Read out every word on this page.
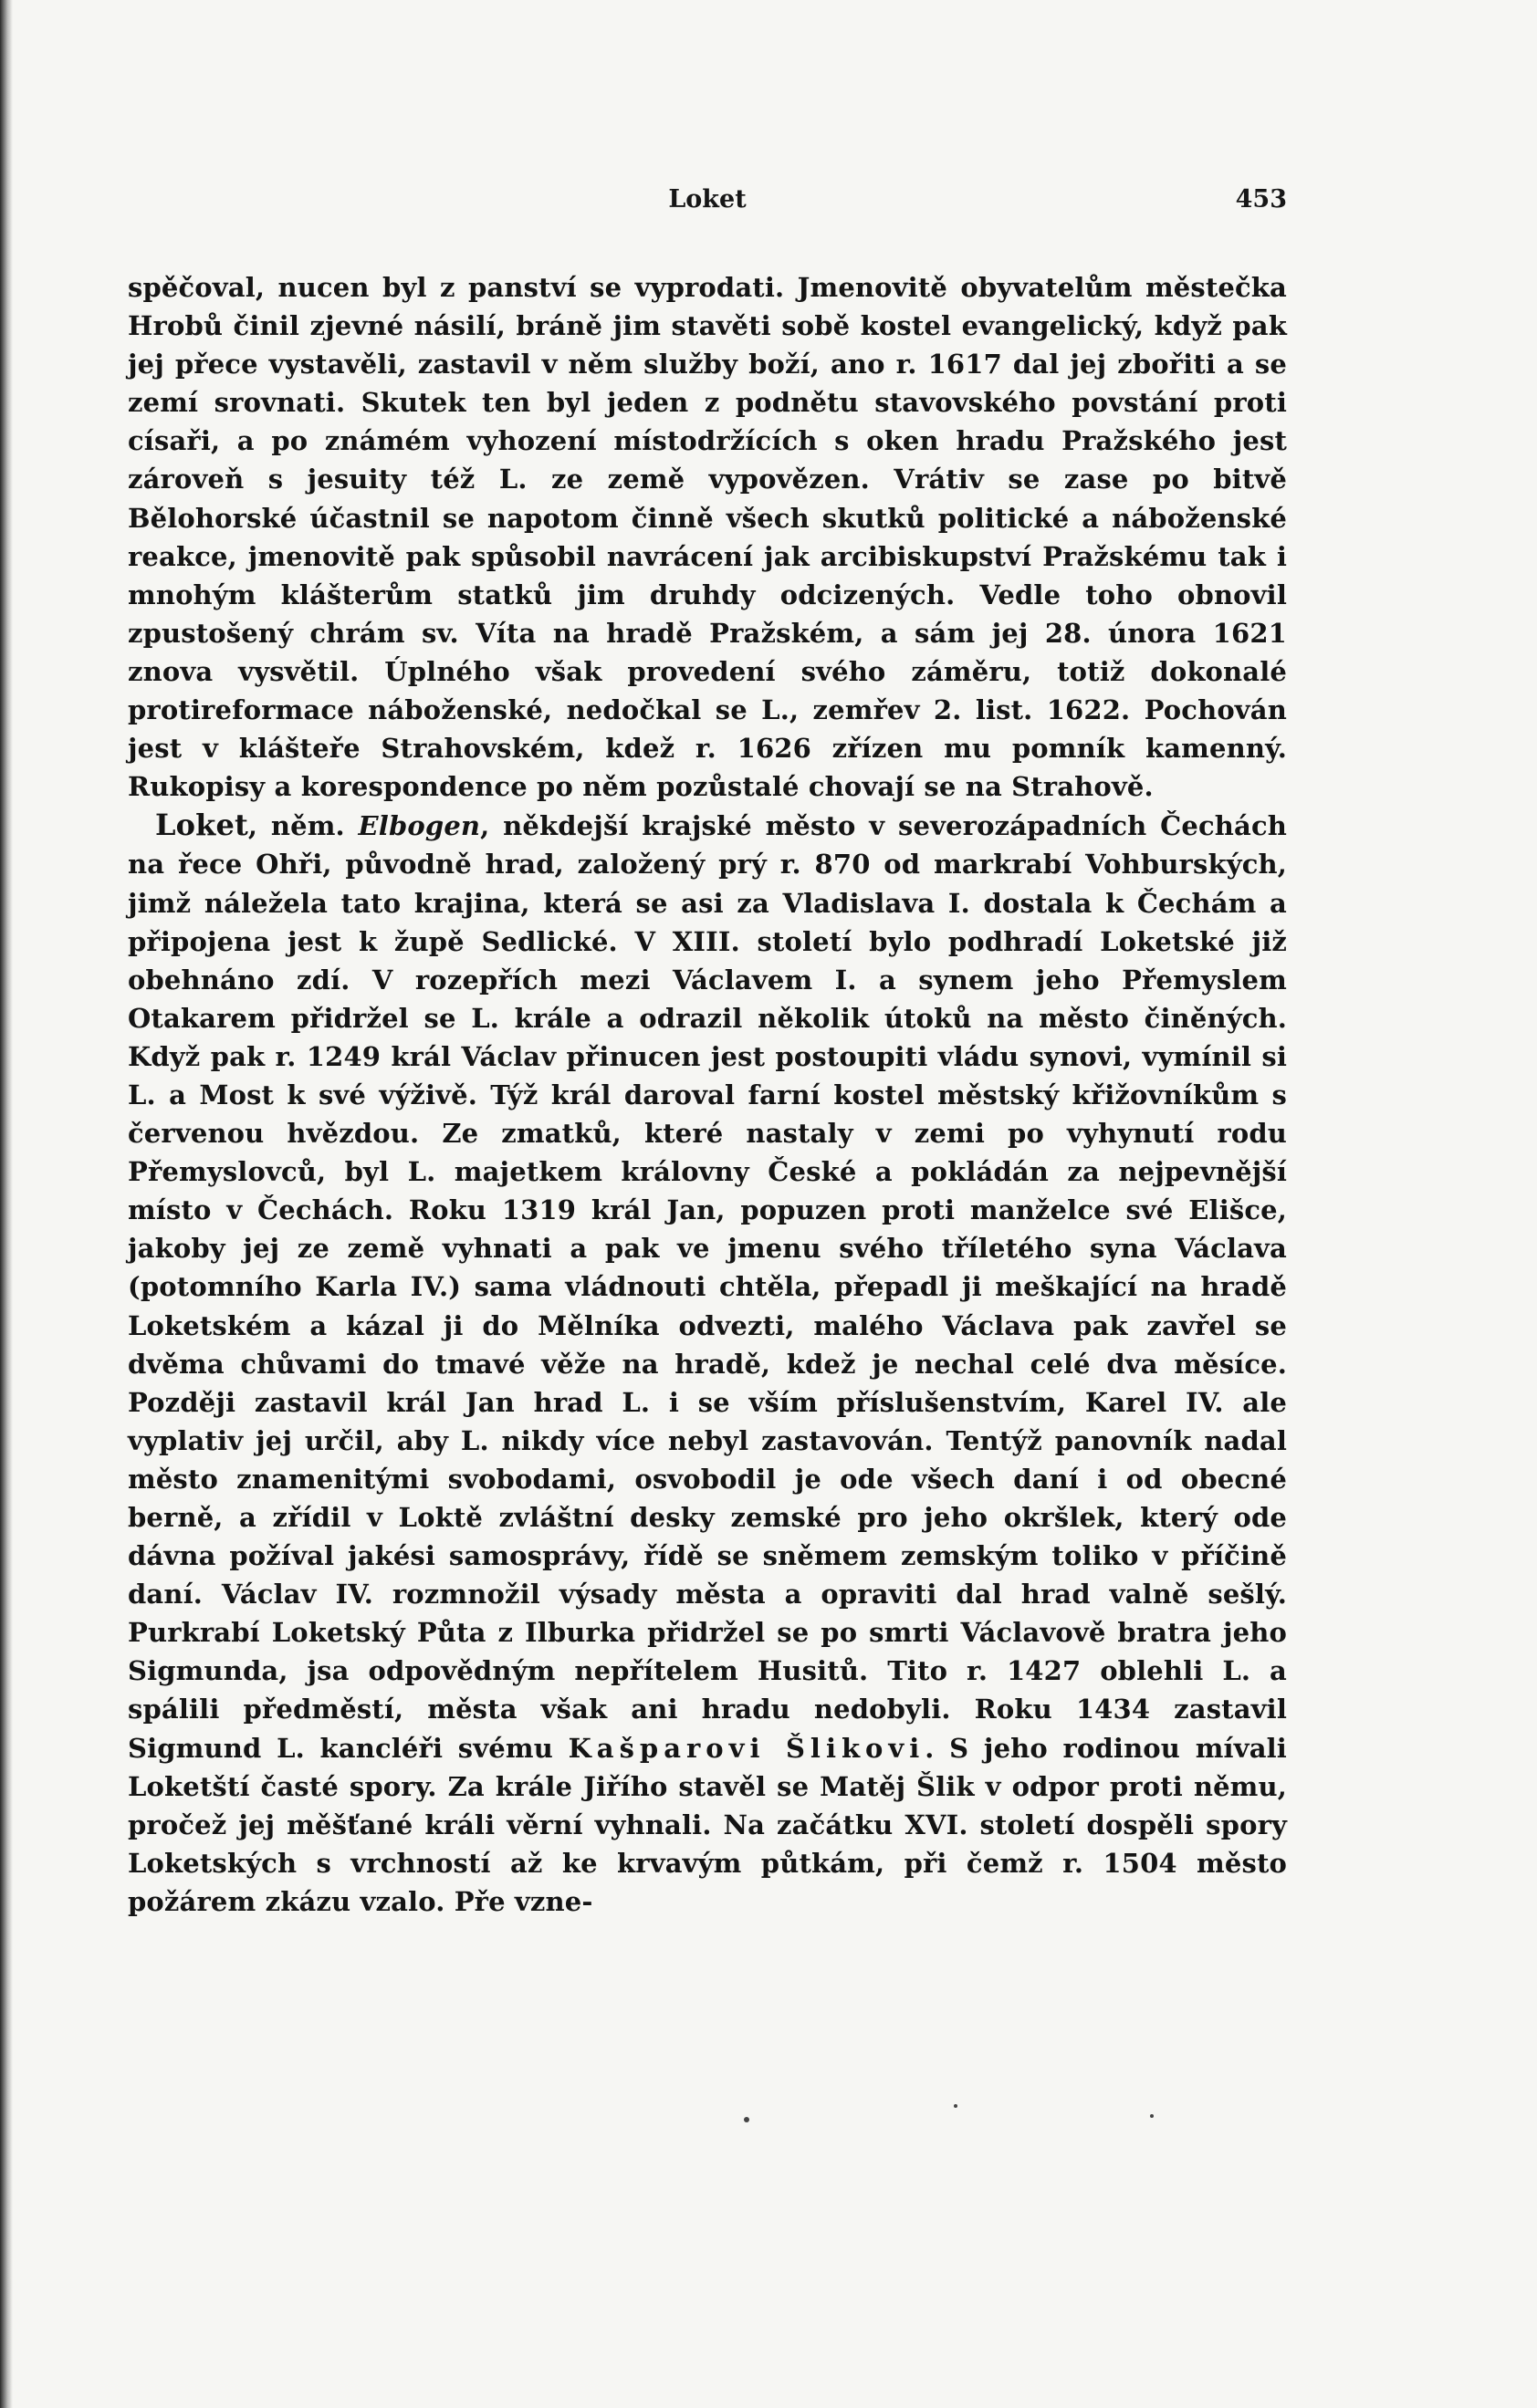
Loket	453

spěčoval, nucen byl z panství se vyprodati. Jmenovitě obyvatelům městečka Hrobů činil zjevné násilí, bráně jim stavěti sobě kostel evangelický, když pak jej přece vystavěli, zastavil v něm služby boží, ano r. 1617 dal jej zbořiti a se zemí srovnati. Skutek ten byl jeden z podnětu stavovského povstání proti císaři, a po známém vyhození místodržících s oken hradu Pražského jest zároveň s jesuity též L. ze země vypovězen. Vrátiv se zase po bitvě Bělohorské účastnil se napotom činně všech skutků politické a náboženské reakce, jmenovitě pak spůsobil navrácení jak arcibiskupství Pražskému tak i mnohým klášterům statků jim druhdy odcizených. Vedle toho obnovil zpustošený chrám sv. Víta na hradě Pražském, a sám jej 28. února 1621 znova vysvětil. Úplného však provedení svého záměru, totiž dokonalé protireformace náboženské, nedočkal se L., zemřev 2. list. 1622. Pochován jest v klášteře Strahovském, kdež r. 1626 zřízen mu pomník kamenný. Rukopisy a korespondence po něm pozůstalé chovají se na Strahově.

Loket, něm. Elbogen, někdejší krajské město v severozápadních Čechách na řece Ohři, původně hrad, založený prý r. 870 od markrabí Vohburských, jimž náležela tato krajina, která se asi za Vladislava I. dostala k Čechám a připojena jest k župě Sedlické. V XIII. století bylo podhradí Loketské již obehnáno zdí. V rozepřích mezi Václavem I. a synem jeho Přemyslem Otakarem přidržel se L. krále a odrazil několik útoků na město činěných. Když pak r. 1249 král Václav přinucen jest postoupiti vládu synovi, vymínil si L. a Most k své výživě. Týž král daroval farní kostel městský křižovníkům s červenou hvězdou. Ze zmatků, které nastaly v zemi po vyhynutí rodu Přemyslovců, byl L. majetkem královny České a pokládán za nejpevnější místo v Čechách. Roku 1319 král Jan, popuzen proti manželce své Elišce, jakoby jej ze země vyhnati a pak ve jmenu svého tříletého syna Václava (potomního Karla IV.) sama vládnouti chtěla, přepadl ji meškající na hradě Loketském a kázal ji do Mělníka odvezti, malého Václava pak zavřel se dvěma chůvami do tmavé věže na hradě, kdež je nechal celé dva měsíce. Později zastavil král Jan hrad L. i se vším příslušenstvím, Karel IV. ale vyplativ jej určil, aby L. nikdy více nebyl zastavován. Tentýž panovník nadal město znamenitými svobodami, osvobodil je ode všech daní i od obecné berně, a zřídil v Loktě zvláštní desky zemské pro jeho okršlek, který ode dávna požíval jakési samosprávy, řídě se sněmem zemským toliko v příčině daní. Václav IV. rozmnožil výsady města a opraviti dal hrad valně sešlý. Purkrabí Loketský Půta z Ilburka přidržel se po smrti Václavově bratra jeho Sigmunda, jsa odpovědným nepřítelem Husitů. Tito r. 1427 oblehli L. a spálili předměstí, města však ani hradu nedobyli. Roku 1434 zastavil Sigmund L. kancléři svému Kašparovi Šlikovi. S jeho rodinou mívali Loketští časté spory. Za krále Jiřího stavěl se Matěj Šlik v odpor proti němu, pročež jej měšťané králi věrní vyhnali. Na začátku XVI. století dospěli spory Loketských s vrchností až ke krvavým půtkám, při čemž r. 1504 město požárem zkázu vzalo. Pře vzne-
